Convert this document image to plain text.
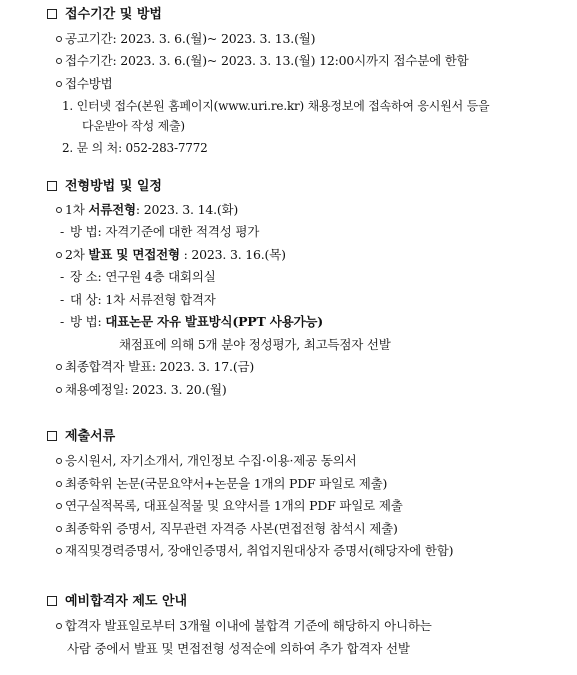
접수기간 및 방법
공고기간: 2023. 3. 6.(월)~ 2023. 3. 13.(월)
접수기간: 2023. 3. 6.(월)~ 2023. 3. 13.(월) 12:00시까지 접수분에 한함
접수방법
1. 인터넷 접수(본원 홈페이지(www.uri.re.kr) 채용정보에 접속하여 응시원서 등을
다운받아 작성 제출)
2. 문 의 처: 052-283-7772
전형방법 및 일정
1차 서류전형: 2023. 3. 14.(화)
- 방 법: 자격기준에 대한 적격성 평가
2차 발표 및 면접전형 : 2023. 3. 16.(목)
- 장 소: 연구원 4층 대회의실
- 대 상: 1차 서류전형 합격자
- 방 법: 대표논문 자유 발표방식(PPT 사용가능)
채점표에 의해 5개 분야 정성평가, 최고득점자 선발
최종합격자 발표: 2023. 3. 17.(금)
채용예정일: 2023. 3. 20.(월)
제출서류
응시원서, 자기소개서, 개인정보 수집·이용·제공 동의서
최종학위 논문(국문요약서+논문을 1개의 PDF 파일로 제출)
연구실적목록, 대표실적물 및 요약서를 1개의 PDF 파일로 제출
최종학위 증명서, 직무관련 자격증 사본(면접전형 참석시 제출)
재직및경력증명서, 장애인증명서, 취업지원대상자 증명서(해당자에 한함)
예비합격자 제도 안내
합격자 발표일로부터 3개월 이내에 불합격 기준에 해당하지 아니하는
사람 중에서 발표 및 면접전형 성적순에 의하여 추가 합격자 선발
